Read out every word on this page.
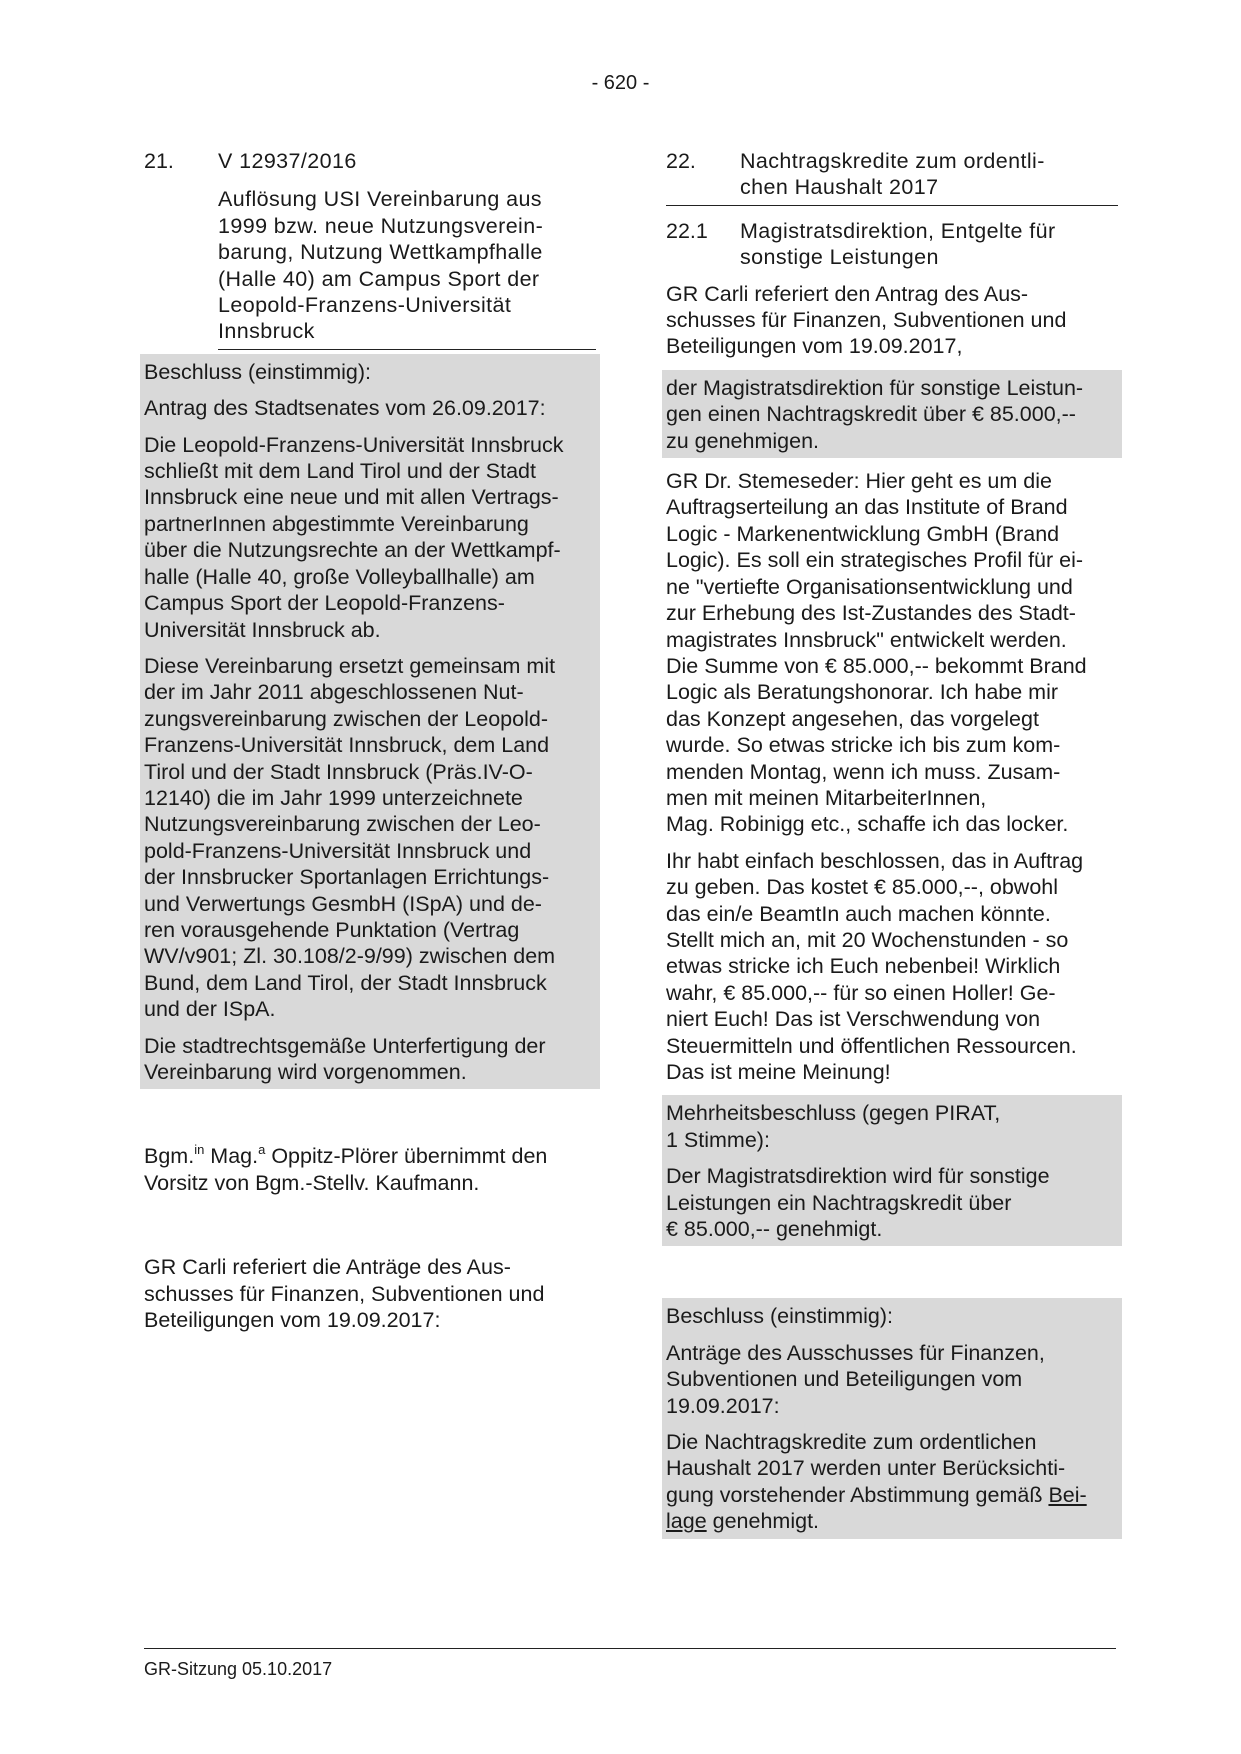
- 620 -
21.	V 12937/2016
Auflösung USI Vereinbarung aus
1999 bzw. neue Nutzungsverein-
barung, Nutzung Wettkampfhalle
(Halle 40) am Campus Sport der
Leopold-Franzens-Universität
Innsbruck
Beschluss (einstimmig):
Antrag des Stadtsenates vom 26.09.2017:
Die Leopold-Franzens-Universität Innsbruck
schließt mit dem Land Tirol und der Stadt
Innsbruck eine neue und mit allen Vertrags-
partnerInnen abgestimmte Vereinbarung
über die Nutzungsrechte an der Wettkampf-
halle (Halle 40, große Volleyballhalle) am
Campus Sport der Leopold-Franzens-
Universität Innsbruck ab.
Diese Vereinbarung ersetzt gemeinsam mit
der im Jahr 2011 abgeschlossenen Nut-
zungsvereinbarung zwischen der Leopold-
Franzens-Universität Innsbruck, dem Land
Tirol und der Stadt Innsbruck (Präs.IV-O-
12140) die im Jahr 1999 unterzeichnete
Nutzungsvereinbarung zwischen der Leo-
pold-Franzens-Universität Innsbruck und
der Innsbrucker Sportanlagen Errichtungs-
und Verwertungs GesmbH (ISpA) und de-
ren vorausgehende Punktation (Vertrag
WV/v901; Zl. 30.108/2-9/99) zwischen dem
Bund, dem Land Tirol, der Stadt Innsbruck
und der ISpA.
Die stadtrechtsgemäße Unterfertigung der
Vereinbarung wird vorgenommen.
Bgm.$^{in}$ Mag.$^a$ Oppitz-Plörer übernimmt den
Vorsitz von Bgm.-Stellv. Kaufmann.
GR Carli referiert die Anträge des Aus-
schusses für Finanzen, Subventionen und
Beteiligungen vom 19.09.2017:
22.	Nachtragskredite zum ordentli-
chen Haushalt 2017
22.1	Magistratsdirektion, Entgelte für
sonstige Leistungen
GR Carli referiert den Antrag des Aus-
schusses für Finanzen, Subventionen und
Beteiligungen vom 19.09.2017,
der Magistratsdirektion für sonstige Leistun-
gen einen Nachtragskredit über € 85.000,--
zu genehmigen.
GR Dr. Stemeseder: Hier geht es um die
Auftragserteilung an das Institute of Brand
Logic - Markenentwicklung GmbH (Brand
Logic). Es soll ein strategisches Profil für ei-
ne "vertiefte Organisationsentwicklung und
zur Erhebung des Ist-Zustandes des Stadt-
magistrates Innsbruck" entwickelt werden.
Die Summe von € 85.000,-- bekommt Brand
Logic als Beratungshonorar. Ich habe mir
das Konzept angesehen, das vorgelegt
wurde. So etwas stricke ich bis zum kom-
menden Montag, wenn ich muss. Zusam-
men mit meinen MitarbeiterInnen,
Mag. Robinigg etc., schaffe ich das locker.
Ihr habt einfach beschlossen, das in Auftrag
zu geben. Das kostet € 85.000,--, obwohl
das ein/e BeamtIn auch machen könnte.
Stellt mich an, mit 20 Wochenstunden - so
etwas stricke ich Euch nebenbei! Wirklich
wahr, € 85.000,-- für so einen Holler! Ge-
niert Euch! Das ist Verschwendung von
Steuermitteln und öffentlichen Ressourcen.
Das ist meine Meinung!
Mehrheitsbeschluss (gegen PIRAT,
1 Stimme):
Der Magistratsdirektion wird für sonstige
Leistungen ein Nachtragskredit über
€ 85.000,-- genehmigt.
Beschluss (einstimmig):
Anträge des Ausschusses für Finanzen,
Subventionen und Beteiligungen vom
19.09.2017:
Die Nachtragskredite zum ordentlichen
Haushalt 2017 werden unter Berücksichti-
gung vorstehender Abstimmung gemäß Bei-
lage genehmigt.
GR-Sitzung 05.10.2017
